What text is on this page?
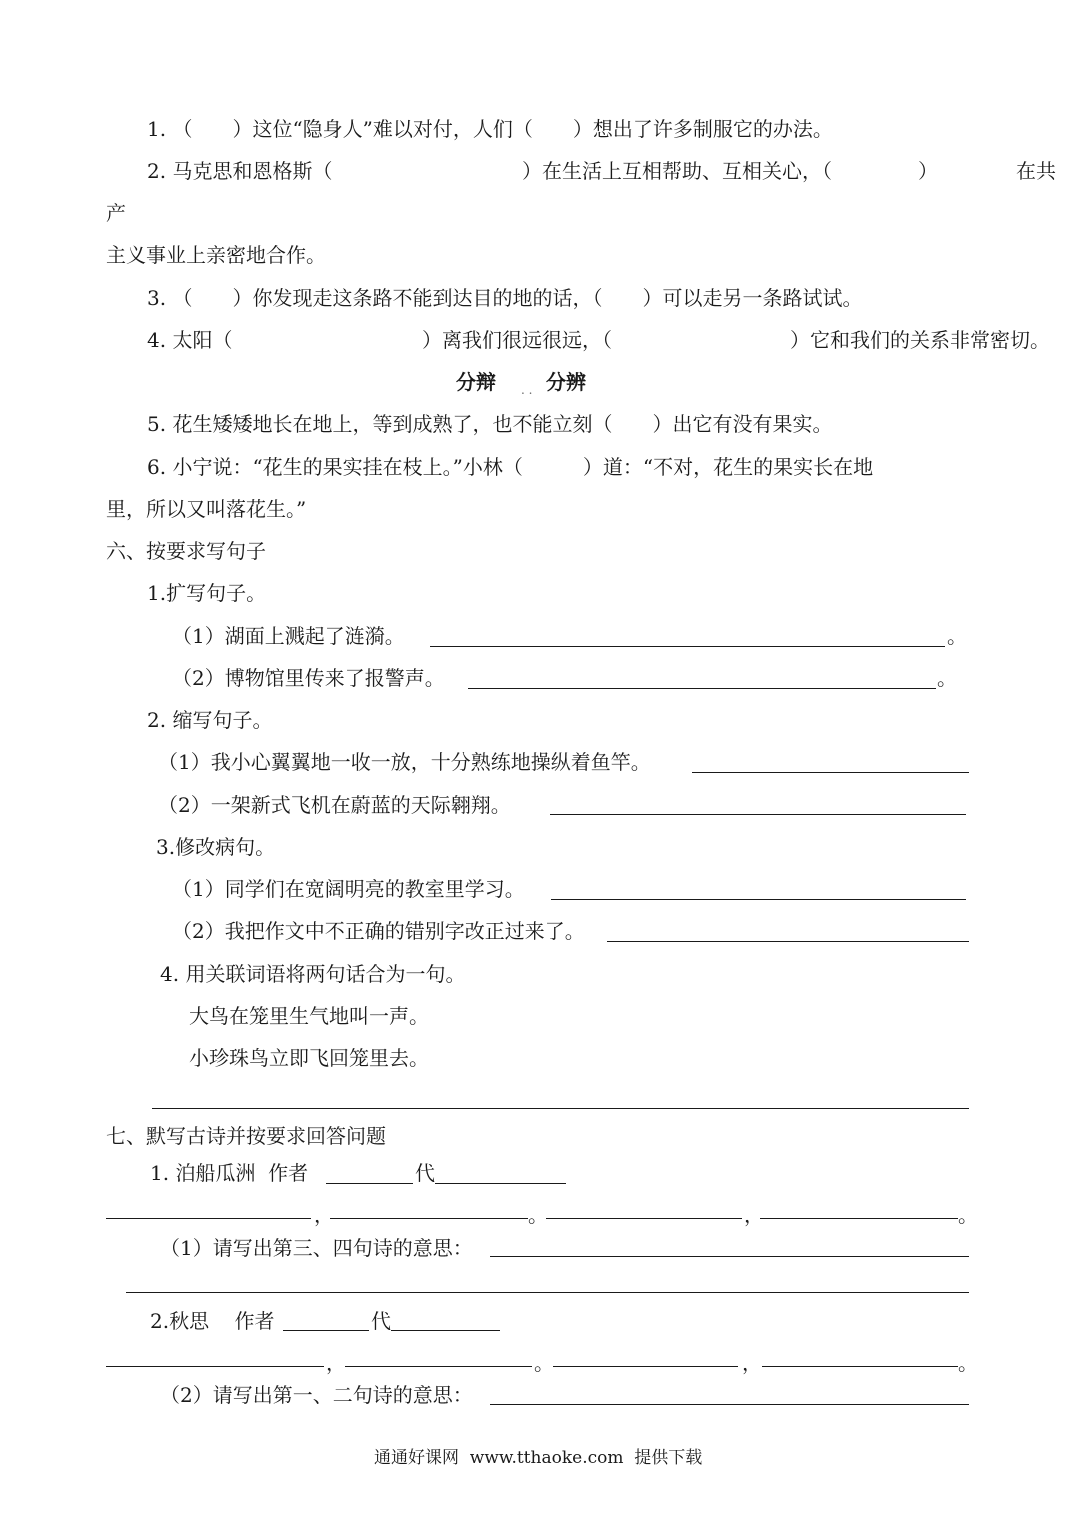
1. （　　）这位“隐身人”难以对付，人们（　　）想出了许多制服它的办法。
2. 马克思和恩格斯（	）在生活上互相帮助、互相关心，（	）	在共
产
主义事业上亲密地合作。
3. （　　）你发现走这条路不能到达目的地的话，（　　）可以走另一条路试试。
4. 太阳（	）离我们很远很远，（	）它和我们的关系非常密切。
分辩 . . 分辨
5. 花生矮矮地长在地上，等到成熟了，也不能立刻（　　）出它有没有果实。
6. 小宁说：“花生的果实挂在枝上。”小林（　　　）道：“不对，花生的果实长在地
里，所以又叫落花生。”
六、按要求写句子
1.扩写句子。
（1）湖面上溅起了涟漪。	。
（2）博物馆里传来了报警声。	。
2. 缩写句子。
（1）我小心翼翼地一收一放，十分熟练地操纵着鱼竿。
（2）一架新式飞机在蔚蓝的天际翱翔。
3.修改病句。
（1）同学们在宽阔明亮的教室里学习。
（2）我把作文中不正确的错别字改正过来了。
4. 用关联词语将两句话合为一句。
大鸟在笼里生气地叫一声。
小珍珠鸟立即飞回笼里去。
七、默写古诗并按要求回答问题
1. 泊船瓜洲  作者	代
，	。	，	。
（1）请写出第三、四句诗的意思：
2.秋思    作者	代
，	。	，	。
（2）请写出第一、二句诗的意思：
通通好课网  www.tthaoke.com  提供下载
